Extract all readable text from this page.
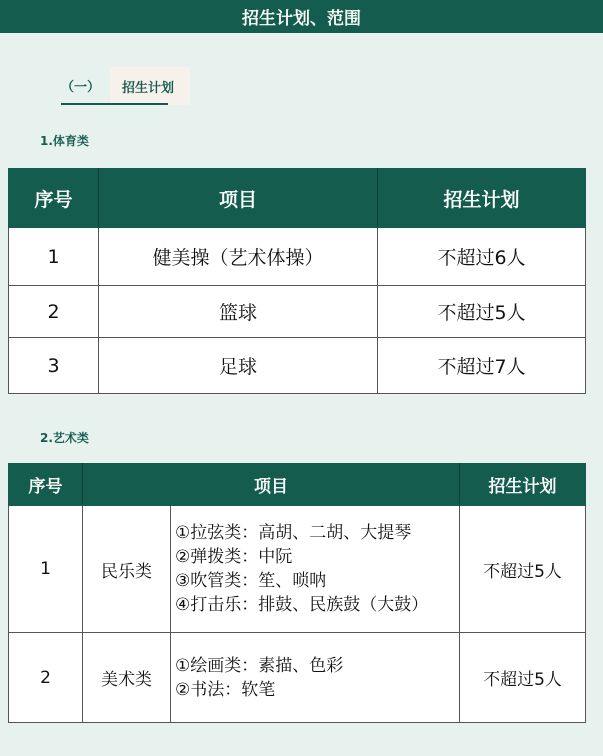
招生计划、范围
（一）	招生计划
1.体育类
序号	项目	招生计划
1	健美操（艺术体操）	不超过6人
2	篮球	不超过5人
3	足球	不超过7人
2.艺术类
序号	项目		招生计划
1	民乐类	①拉弦类：高胡、二胡、大提琴
②弹拨类：中阮
③吹管类：笙、唢呐
④打击乐：排鼓、民族鼓（大鼓）	不超过5人
2	美术类	①绘画类：素描、色彩
②书法：软笔	不超过5人
